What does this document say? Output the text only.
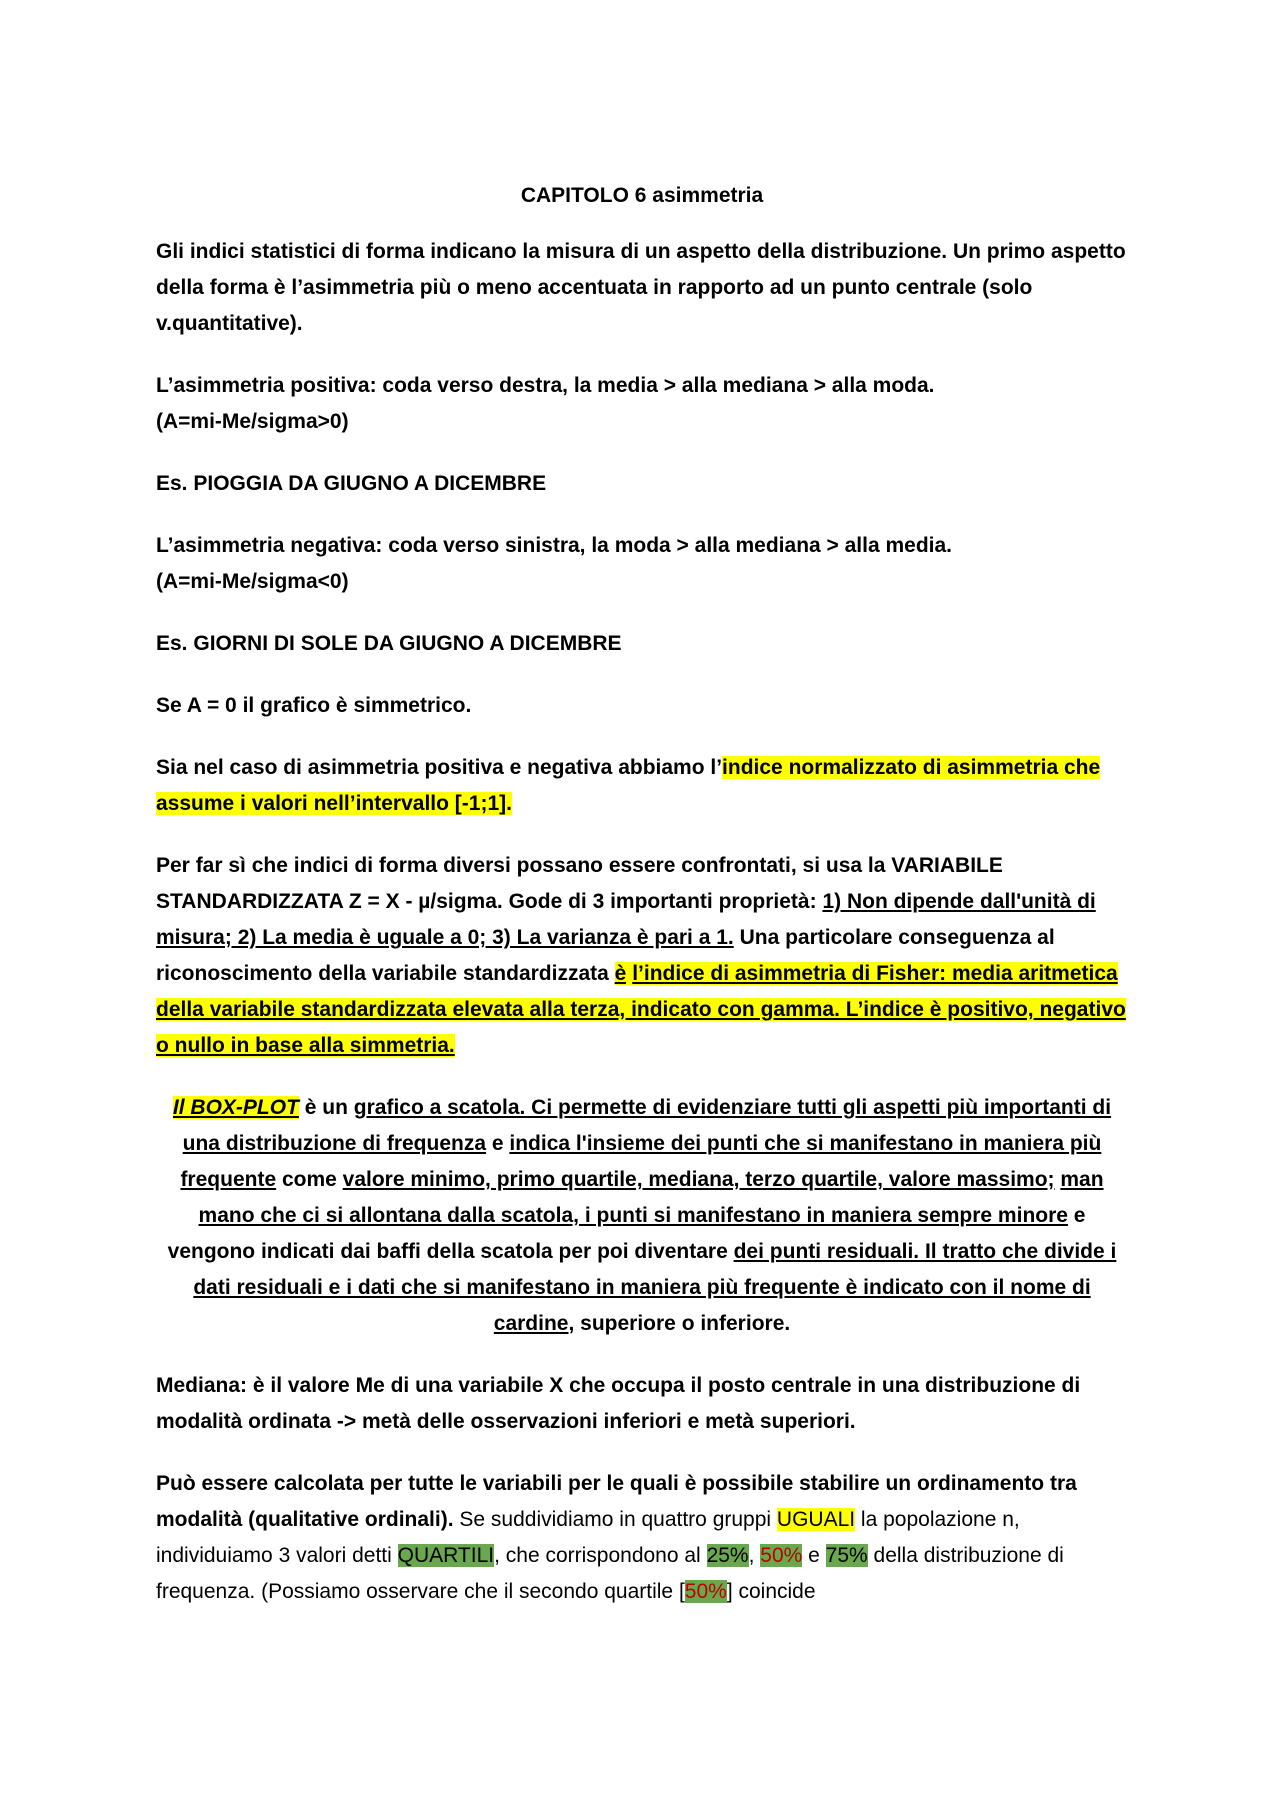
CAPITOLO 6 asimmetria

Gli indici statistici di forma indicano la misura di un aspetto della distribuzione. Un primo aspetto della forma è l’asimmetria più o meno accentuata in rapporto ad un punto centrale (solo v.quantitative).

L’asimmetria positiva: coda verso destra, la media > alla mediana > alla moda.
(A=mi-Me/sigma>0)

Es. PIOGGIA DA GIUGNO A DICEMBRE

L’asimmetria negativa: coda verso sinistra, la moda > alla mediana > alla media.
(A=mi-Me/sigma<0)

Es. GIORNI DI SOLE DA GIUGNO A DICEMBRE

Se A = 0 il grafico è simmetrico.

Sia nel caso di asimmetria positiva e negativa abbiamo l’indice normalizzato di asimmetria che assume i valori nell’intervallo [-1;1].

Per far sì che indici di forma diversi possano essere confrontati, si usa la VARIABILE STANDARDIZZATA Z = X - µ/sigma. Gode di 3 importanti proprietà: 1) Non dipende dall'unità di misura; 2) La media è uguale a 0; 3) La varianza è pari a 1. Una particolare conseguenza al riconoscimento della variabile standardizzata è l’indice di asimmetria di Fisher: media aritmetica della variabile standardizzata elevata alla terza, indicato con gamma. L’indice è positivo, negativo o nullo in base alla simmetria.

Il BOX-PLOT è un grafico a scatola. Ci permette di evidenziare tutti gli aspetti più importanti di una distribuzione di frequenza e indica l'insieme dei punti che si manifestano in maniera più frequente come valore minimo, primo quartile, mediana, terzo quartile, valore massimo; man mano che ci si allontana dalla scatola, i punti si manifestano in maniera sempre minore e vengono indicati dai baffi della scatola per poi diventare dei punti residuali. Il tratto che divide i dati residuali e i dati che si manifestano in maniera più frequente è indicato con il nome di cardine, superiore o inferiore.

Mediana: è il valore Me di una variabile X che occupa il posto centrale in una distribuzione di modalità ordinata -> metà delle osservazioni inferiori e metà superiori.

Può essere calcolata per tutte le variabili per le quali è possibile stabilire un ordinamento tra modalità (qualitative ordinali). Se suddividiamo in quattro gruppi UGUALI la popolazione n, individuiamo 3 valori detti QUARTILI, che corrispondono al 25%, 50% e 75% della distribuzione di frequenza. (Possiamo osservare che il secondo quartile [50%] coincide
